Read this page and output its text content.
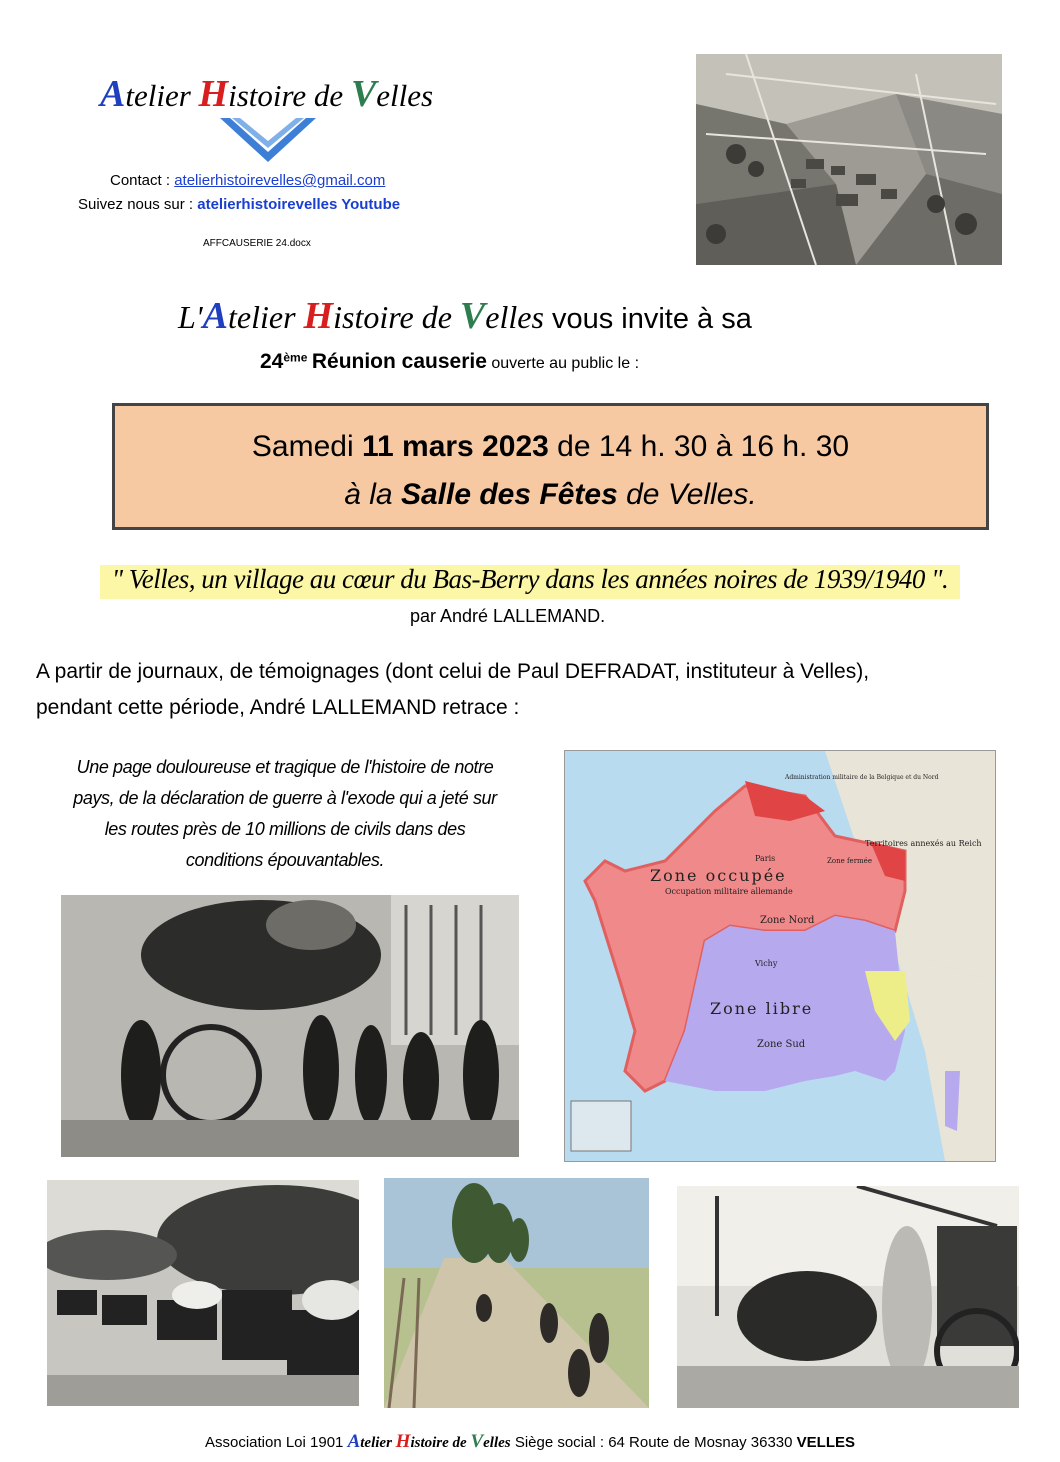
Atelier Histoire de Velles
Contact : atelierhistoirevelles@gmail.com
Suivez nous sur : atelierhistoirevelles Youtube
AFFCAUSERIE 24.docx
L'Atelier Histoire de Velles vous invite à sa
24ème Réunion causerie ouverte au public le :
Samedi 11 mars 2023 de 14 h. 30 à 16 h. 30
à la Salle des Fêtes de Velles.
" Velles, un village au cœur du Bas-Berry dans les années noires de 1939/1940 ".
par André LALLEMAND.
A partir de journaux, de témoignages (dont celui de Paul DEFRADAT, instituteur à Velles),
pendant cette période, André LALLEMAND retrace :
Une page douloureuse et tragique de l'histoire de notre
pays, de la déclaration de guerre à l'exode qui a jeté sur
les routes près de 10 millions de civils dans des
conditions épouvantables.
Zone occupée
Occupation militaire allemande
Zone Nord
Zone libre
Zone Sud
Vichy
Paris
Administration militaire de la Belgique et du Nord
Territoires annexés au Reich
Zone fermée
Association Loi 1901 Atelier Histoire de Velles Siège social : 64 Route de Mosnay 36330 VELLES
